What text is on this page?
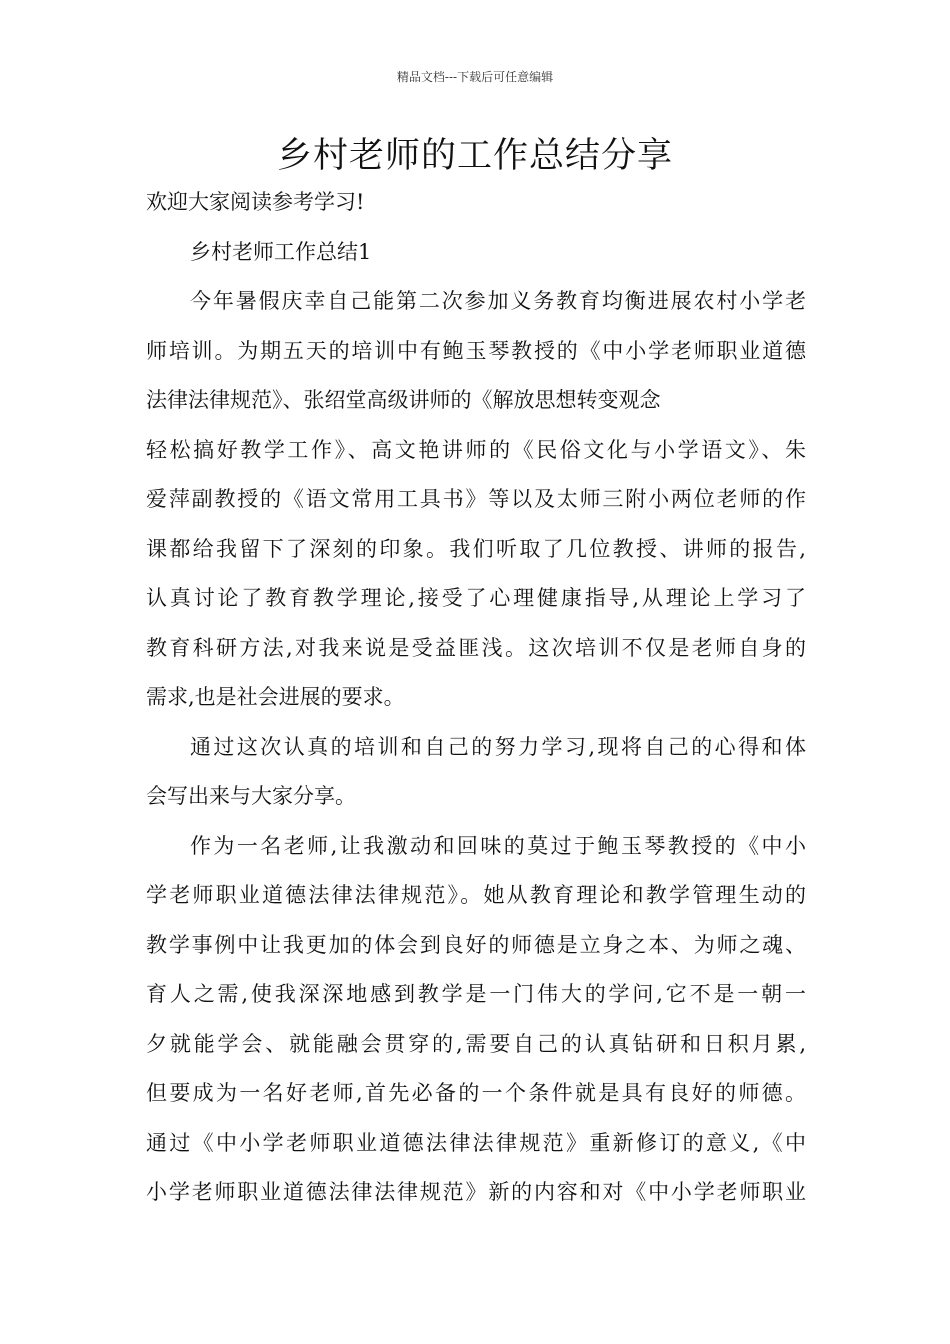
精品文档---下载后可任意编辑
乡村老师的工作总结分享
欢迎大家阅读参考学习!
乡村老师工作总结1
今年暑假庆幸自己能第二次参加义务教育均衡进展农村小学老
师培训。为期五天的培训中有鲍玉琴教授的《中小学老师职业道德
法律法律规范》、张绍堂高级讲师的《解放思想转变观念
轻松搞好教学工作》、高文艳讲师的《民俗文化与小学语文》、朱
爱萍副教授的《语文常用工具书》等以及太师三附小两位老师的作
课都给我留下了深刻的印象。我们听取了几位教授、讲师的报告,
认真讨论了教育教学理论,接受了心理健康指导,从理论上学习了
教育科研方法,对我来说是受益匪浅。这次培训不仅是老师自身的
需求,也是社会进展的要求。
通过这次认真的培训和自己的努力学习,现将自己的心得和体
会写出来与大家分享。
作为一名老师,让我激动和回味的莫过于鲍玉琴教授的《中小
学老师职业道德法律法律规范》。她从教育理论和教学管理生动的
教学事例中让我更加的体会到良好的师德是立身之本、为师之魂、
育人之需,使我深深地感到教学是一门伟大的学问,它不是一朝一
夕就能学会、就能融会贯穿的,需要自己的认真钻研和日积月累,
但要成为一名好老师,首先必备的一个条件就是具有良好的师德。
通过《中小学老师职业道德法律法律规范》重新修订的意义,《中
小学老师职业道德法律法律规范》新的内容和对《中小学老师职业
